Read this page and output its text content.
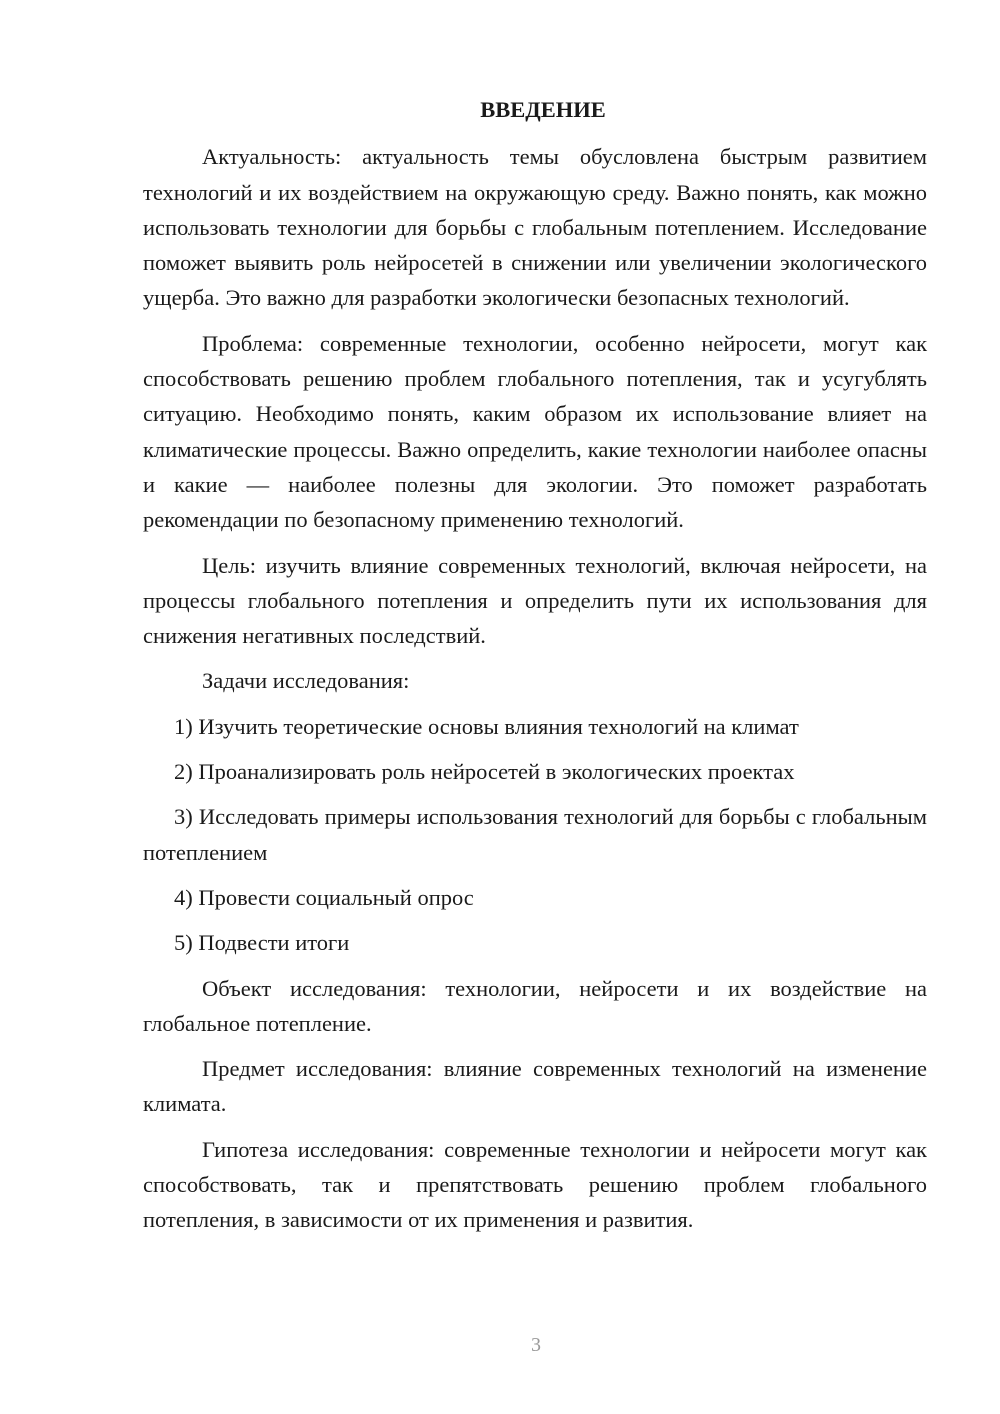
ВВЕДЕНИЕ

Актуальность: актуальность темы обусловлена быстрым развитием технологий и их воздействием на окружающую среду. Важно понять, как можно использовать технологии для борьбы с глобальным потеплением. Исследование поможет выявить роль нейросетей в снижении или увеличении экологического ущерба. Это важно для разработки экологически безопасных технологий.

Проблема: современные технологии, особенно нейросети, могут как способствовать решению проблем глобального потепления, так и усугублять ситуацию. Необходимо понять, каким образом их использование влияет на климатические процессы. Важно определить, какие технологии наиболее опасны и какие — наиболее полезны для экологии. Это поможет разработать рекомендации по безопасному применению технологий.

Цель: изучить влияние современных технологий, включая нейросети, на процессы глобального потепления и определить пути их использования для снижения негативных последствий.

Задачи исследования:

1) Изучить теоретические основы влияния технологий на климат

2) Проанализировать роль нейросетей в экологических проектах

3) Исследовать примеры использования технологий для борьбы с глобальным потеплением

4) Провести социальный опрос

5) Подвести итоги

Объект исследования: технологии, нейросети и их воздействие на глобальное потепление.

Предмет исследования: влияние современных технологий на изменение климата.

Гипотеза исследования: современные технологии и нейросети могут как способствовать, так и препятствовать решению проблем глобального потепления, в зависимости от их применения и развития.

3
